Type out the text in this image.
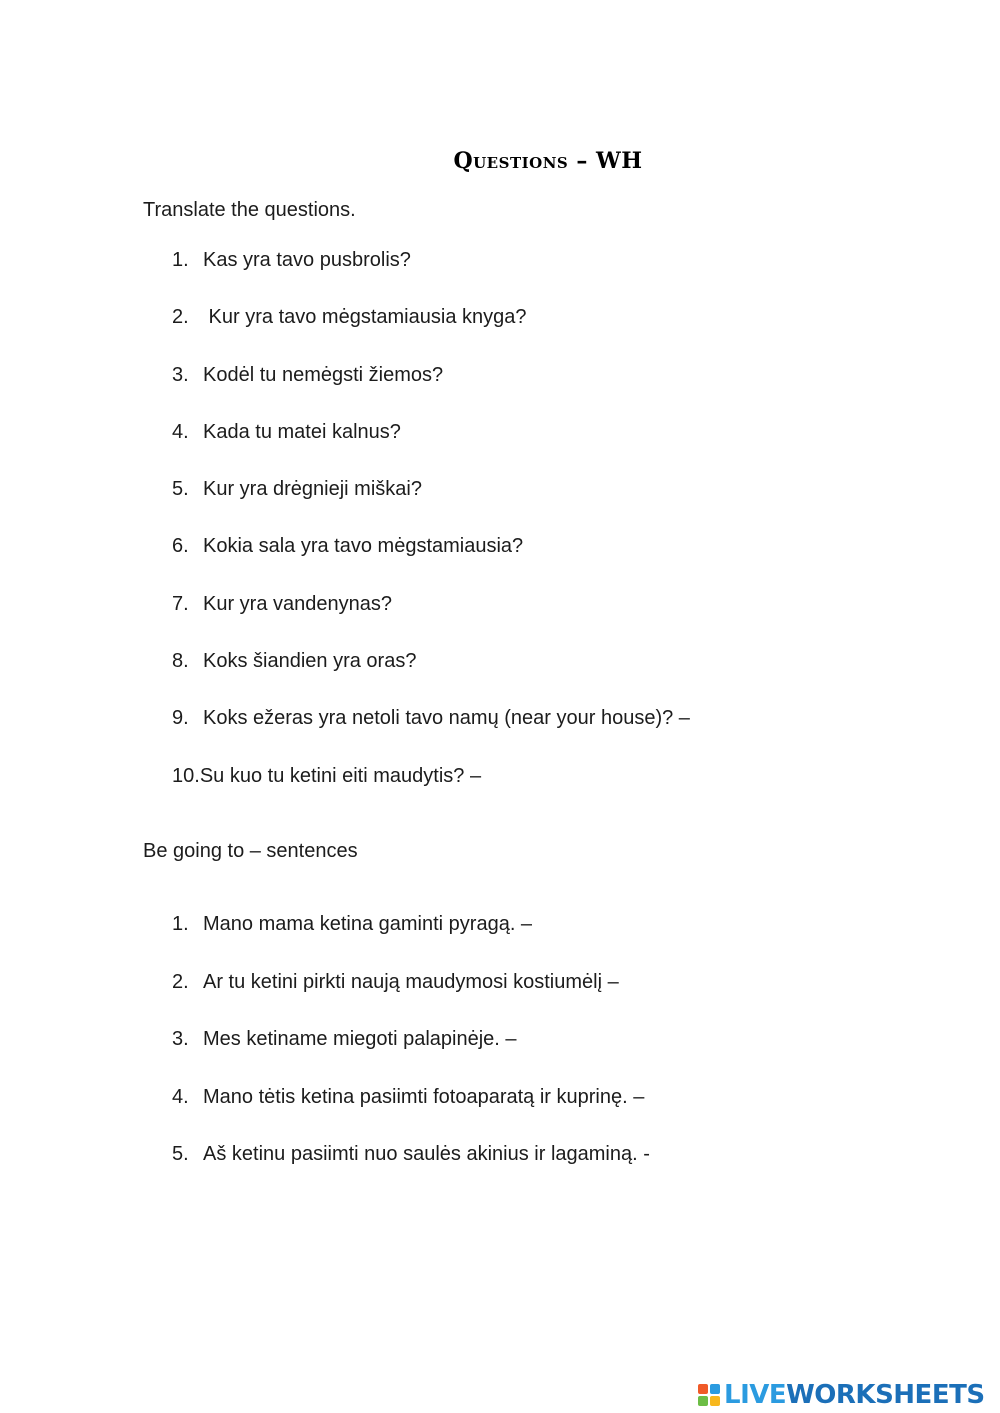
Questions – WH
Translate the questions.
1. Kas yra tavo pusbrolis?
2. Kur yra tavo mėgstamiausia knyga?
3. Kodėl tu nemėgsti žiemos?
4. Kada tu matei kalnus?
5. Kur yra drėgnieji miškai?
6. Kokia sala yra tavo mėgstamiausia?
7. Kur yra vandenynas?
8. Koks šiandien yra oras?
9. Koks ežeras yra netoli tavo namų (near your house)? –
10.Su kuo tu ketini eiti maudytis? –
Be going to – sentences
1. Mano mama ketina gaminti pyragą. –
2. Ar tu ketini pirkti naują maudymosi kostiumėlį –
3. Mes ketiname miegoti palapinėje. –
4. Mano tėtis ketina pasiimti fotoaparatą ir kuprinę. –
5. Aš ketinu pasiimti nuo saulės akinius ir lagaminą. -
LIVE WORKSHEETS
